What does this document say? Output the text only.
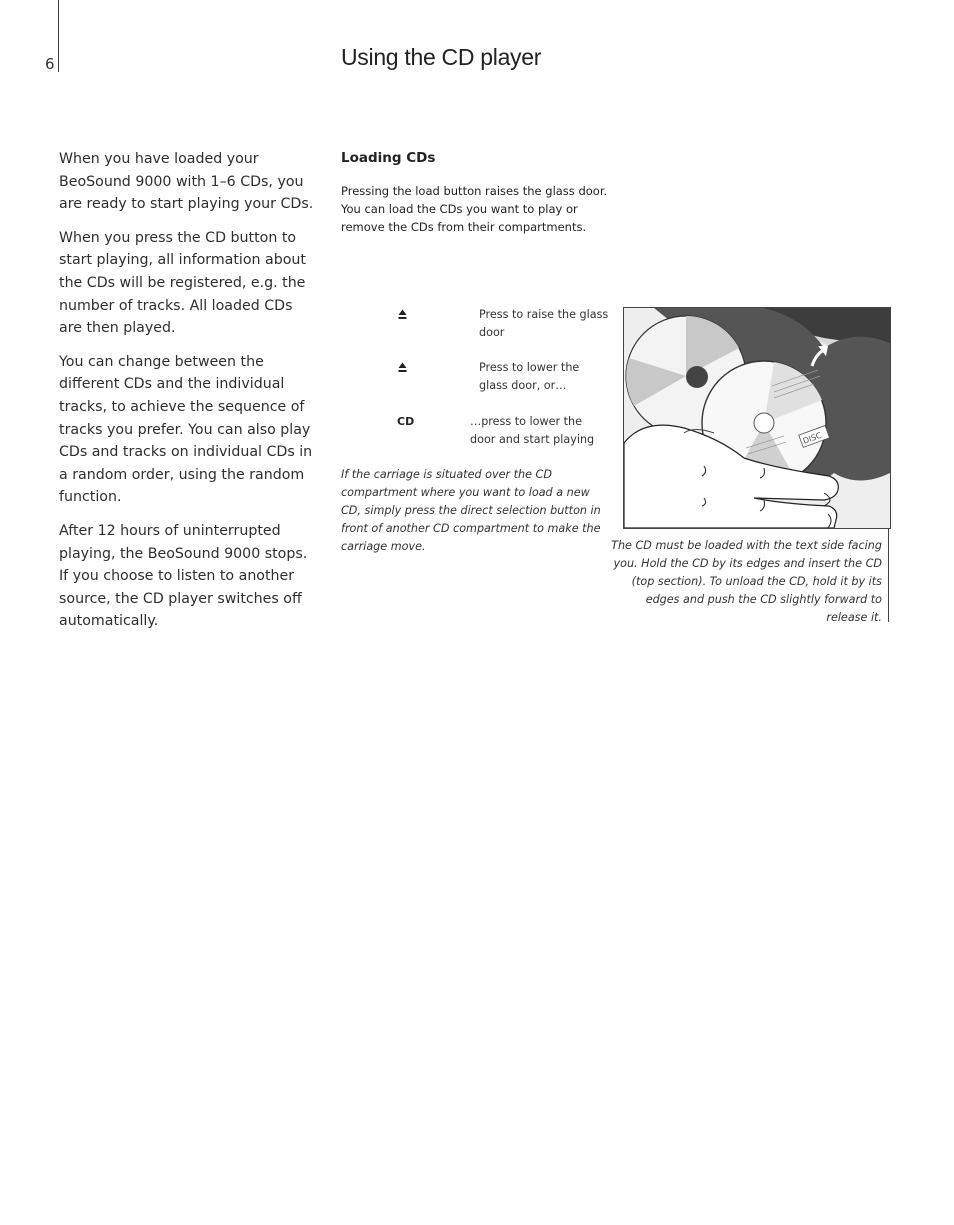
6	Using the CD player

When you have loaded your BeoSound 9000 with 1–6 CDs, you are ready to start playing your CDs.

When you press the CD button to start playing, all information about the CDs will be registered, e.g. the number of tracks. All loaded CDs are then played.

You can change between the different CDs and the individual tracks, to achieve the sequence of tracks you prefer. You can also play CDs and tracks on individual CDs in a random order, using the random function.

After 12 hours of uninterrupted playing, the BeoSound 9000 stops. If you choose to listen to another source, the CD player switches off automatically.

Loading CDs

Pressing the load button raises the glass door. You can load the CDs you want to play or remove the CDs from their compartments.

Press to raise the glass door
Press to lower the glass door, or…
CD	…press to lower the door and start playing

If the carriage is situated over the CD compartment where you want to load a new CD, simply press the direct selection button in front of another CD compartment to make the carriage move.

DISC

The CD must be loaded with the text side facing you. Hold the CD by its edges and insert the CD (top section). To unload the CD, hold it by its edges and push the CD slightly forward to release it.
